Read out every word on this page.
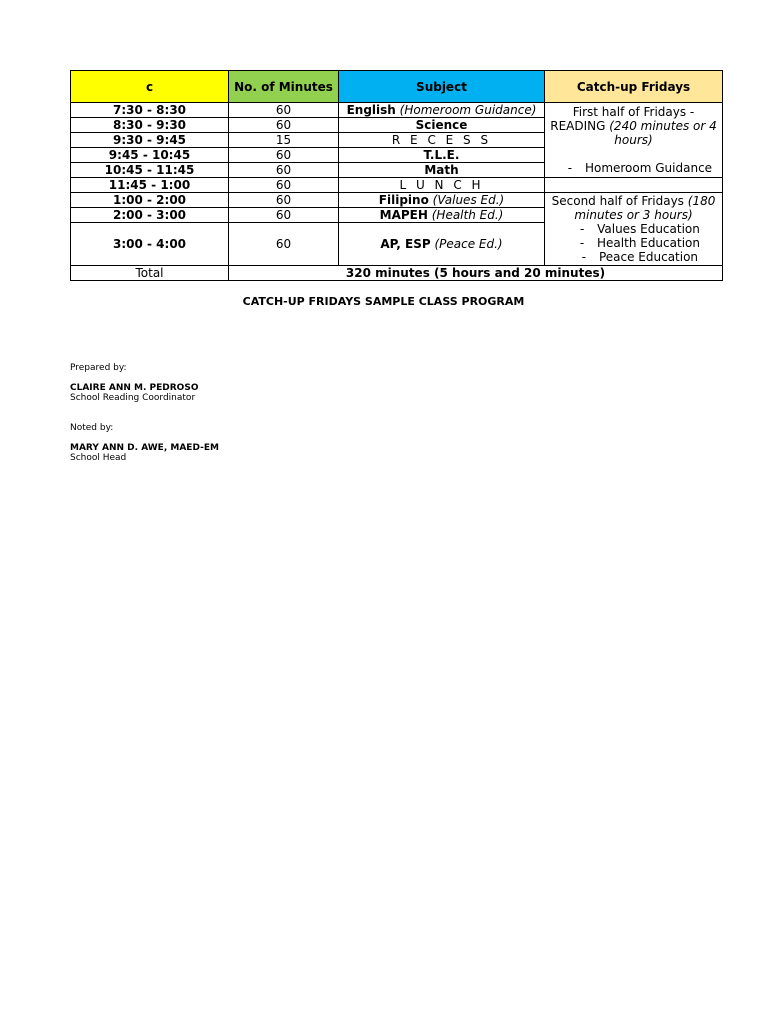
c	No. of Minutes	Subject	Catch-up Fridays
7:30 - 8:30	60	English (Homeroom Guidance)	First half of Fridays -
READING (240 minutes or 4 hours)

- Homeroom Guidance

8:30 - 9:30	60	Science	
9:30 - 9:45	15	R E C E S S	
9:45 - 10:45	60	T.L.E.	
10:45 - 11:45	60	Math	
11:45 - 1:00	60	L U N C H	
1:00 - 2:00	60	Filipino (Values Ed.)	Second half of Fridays (180 minutes or 3 hours)

- Values Education
- Health Education
- Peace Education

2:00 - 3:00	60	MAPEH (Health Ed.)	
3:00 - 4:00	60	AP, ESP (Peace Ed.)	
Total	320 minutes (5 hours and 20 minutes)		
CATCH-UP FRIDAYS SAMPLE CLASS PROGRAM
Prepared by:
CLAIRE ANN M. PEDROSO
School Reading Coordinator
Noted by:
MARY ANN D. AWE, MAED-EM
School Head
